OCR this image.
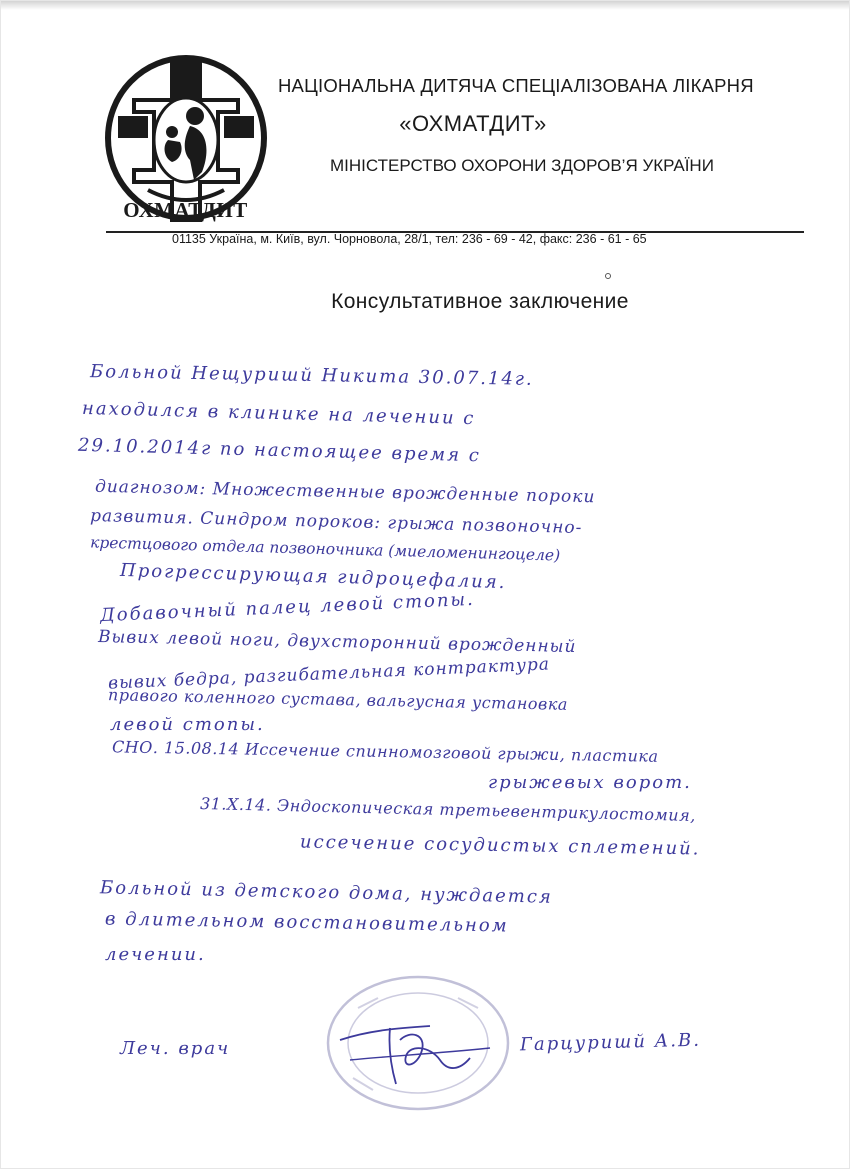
ОХМАТДИТ
НАЦІОНАЛЬНА ДИТЯЧА СПЕЦІАЛІЗОВАНА ЛІКАРНЯ
«ОХМАТДИТ»
МІНІСТЕРСТВО ОХОРОНИ ЗДОРОВ’Я УКРАЇНИ
01135 Україна, м. Київ, вул. Чорновола, 28/1, тел: 236 - 69 - 42, факс: 236 - 61 - 65
Консультативное заключение
Больной Нещуришй Никита 30.07.14г.
находился в клинике на лечении с
29.10.2014г по настоящее время с
диагнозом: Множественные врожденные пороки
развития. Синдром пороков: грыжа позвоночно-
крестцового отдела позвоночника (миеломенингоцеле)
Прогрессирующая гидроцефалия.
Добавочный палец левой стопы.
Вывих левой ноги, двухсторонний врожденный
вывих бедра, разгибательная контрактура
правого коленного сустава, вальгусная установка
левой стопы.
СНО. 15.08.14 Иссечение спинномозговой грыжи, пластика
грыжевых ворот.
31.X.14. Эндоскопическая третьевентрикулостомия,
иссечение сосудистых сплетений.
Больной из детского дома, нуждается
в длительном восстановительном
лечении.
Леч. врач	Гарцуришй А.В.
